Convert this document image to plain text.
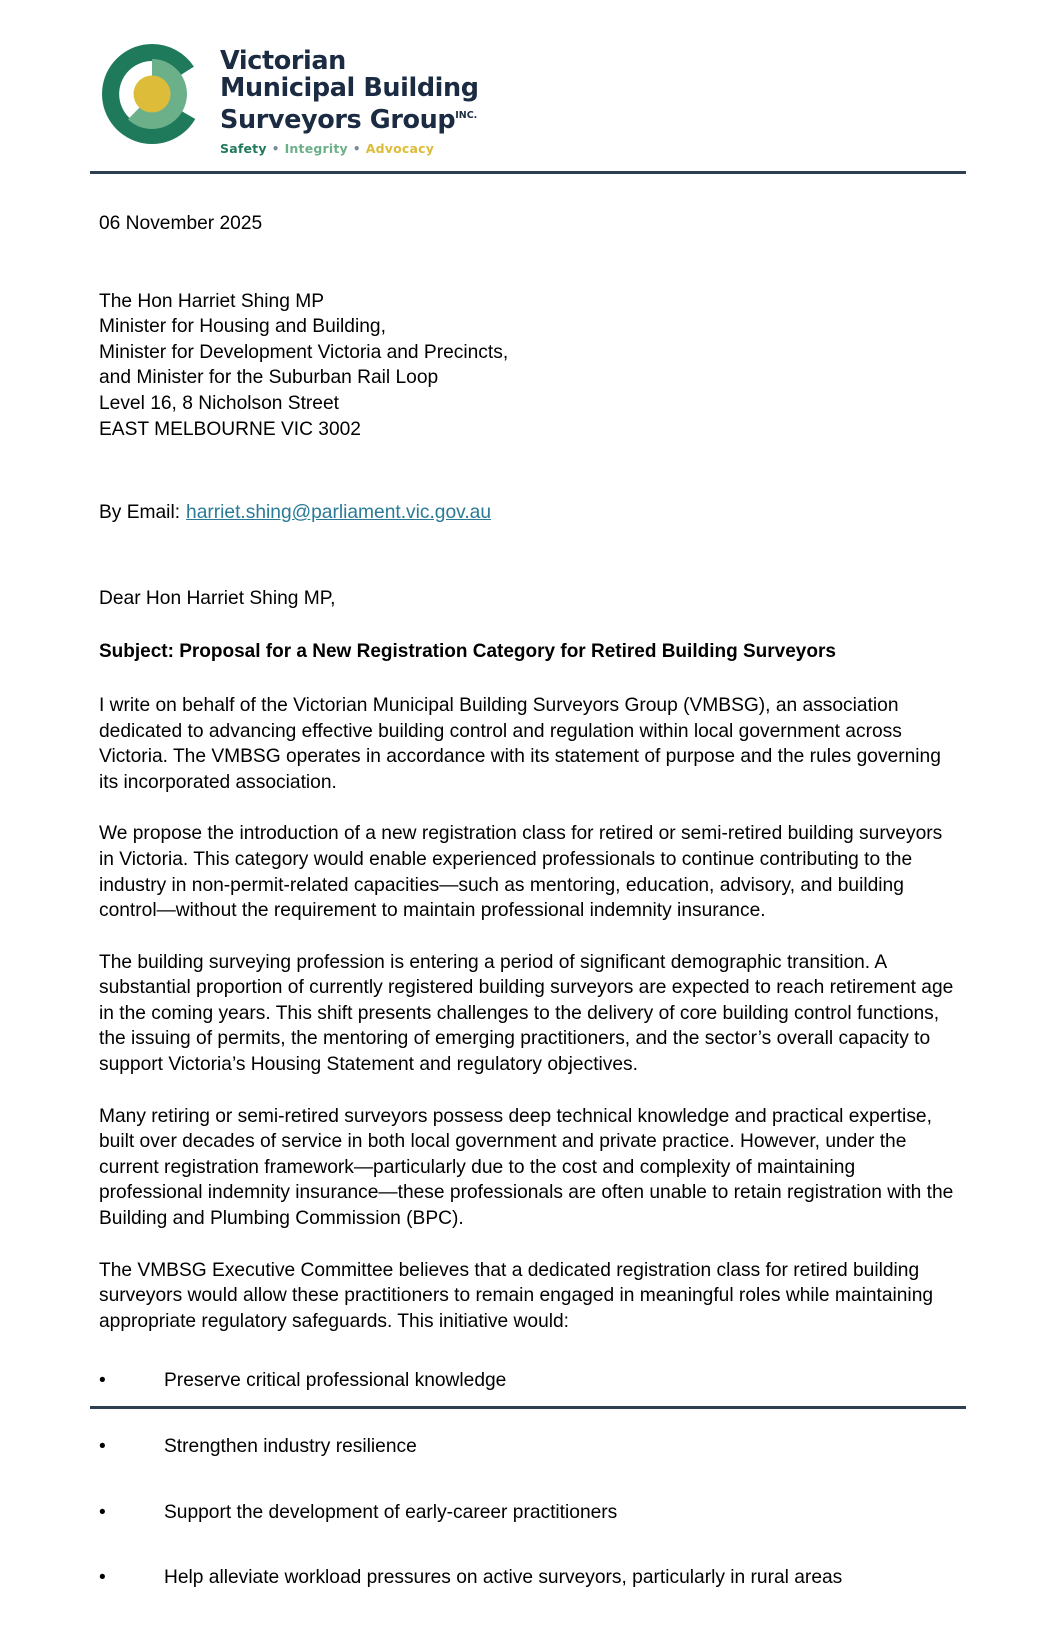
Victorian
Municipal Building
Surveyors Group$^{INC.}$
Safety • Integrity • Advocacy
06 November 2025
The Hon Harriet Shing MP
Minister for Housing and Building,
Minister for Development Victoria and Precincts,
and Minister for the Suburban Rail Loop
Level 16, 8 Nicholson Street
EAST MELBOURNE VIC 3002
By Email: harriet.shing@parliament.vic.gov.au
Dear Hon Harriet Shing MP,
Subject: Proposal for a New Registration Category for Retired Building Surveyors

I write on behalf of the Victorian Municipal Building Surveyors Group (VMBSG), an association dedicated to advancing effective building control and regulation within local government across Victoria. The VMBSG operates in accordance with its statement of purpose and the rules governing its incorporated association.

We propose the introduction of a new registration class for retired or semi-retired building surveyors in Victoria. This category would enable experienced professionals to continue contributing to the industry in non-permit-related capacities—such as mentoring, education, advisory, and building control—without the requirement to maintain professional indemnity insurance.

The building surveying profession is entering a period of significant demographic transition. A substantial proportion of currently registered building surveyors are expected to reach retirement age in the coming years. This shift presents challenges to the delivery of core building control functions, the issuing of permits, the mentoring of emerging practitioners, and the sector’s overall capacity to support Victoria’s Housing Statement and regulatory objectives.

Many retiring or semi-retired surveyors possess deep technical knowledge and practical expertise, built over decades of service in both local government and private practice. However, under the current registration framework—particularly due to the cost and complexity of maintaining professional indemnity insurance—these professionals are often unable to retain registration with the Building and Plumbing Commission (BPC).

The VMBSG Executive Committee believes that a dedicated registration class for retired building surveyors would allow these practitioners to remain engaged in meaningful roles while maintaining appropriate regulatory safeguards. This initiative would:

•	Preserve critical professional knowledge
•	Strengthen industry resilience
•	Support the development of early-career practitioners
•	Help alleviate workload pressures on active surveyors, particularly in rural areas
